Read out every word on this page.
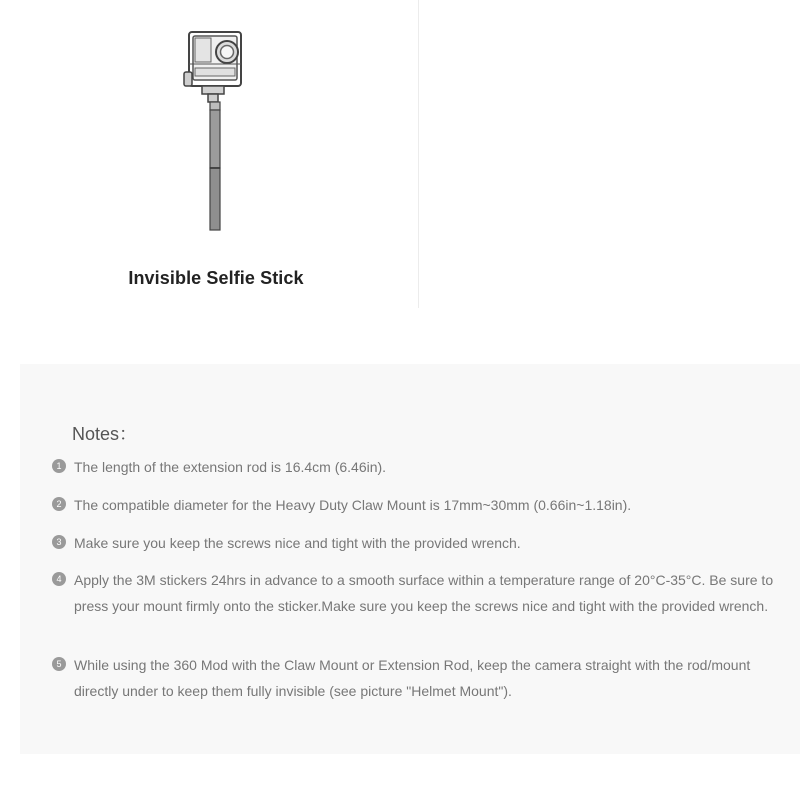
Invisible Selfie Stick
Notes：
1 The length of the extension rod is 16.4cm (6.46in).
2 The compatible diameter for the Heavy Duty Claw Mount is 17mm~30mm (0.66in~1.18in).
3 Make sure you keep the screws nice and tight with the provided wrench.
4 Apply the 3M stickers 24hrs in advance to a smooth surface within a temperature range of 20°C-35°C. Be sure to press your mount firmly onto the sticker.Make sure you keep the screws nice and tight with the provided wrench.
5 While using the 360 Mod with the Claw Mount or Extension Rod, keep the camera straight with the rod/mount directly under to keep them fully invisible (see picture "Helmet Mount").
